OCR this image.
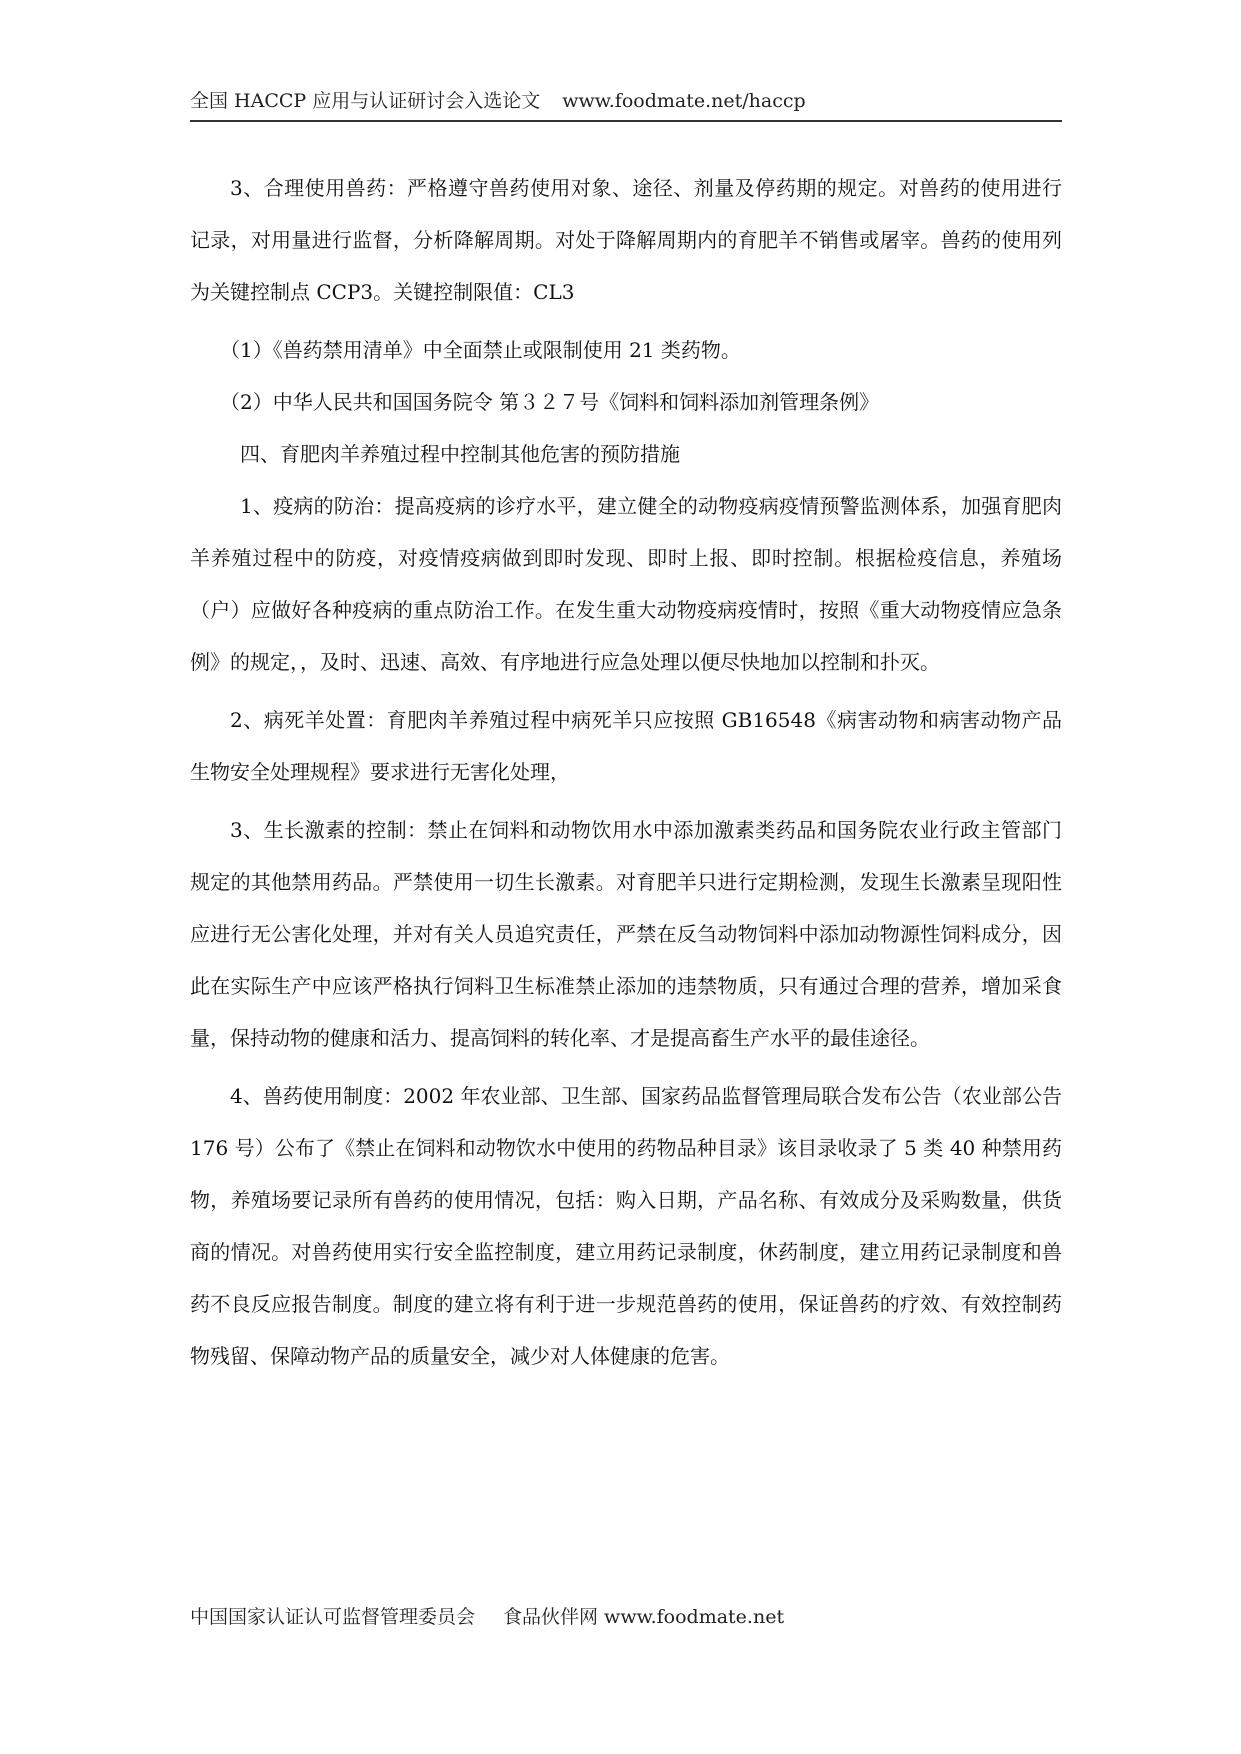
全国 HACCP 应用与认证研讨会入选论文 www.foodmate.net/haccp

3、合理使用兽药：严格遵守兽药使用对象、途径、剂量及停药期的规定。对兽药的使用进行记录，对用量进行监督，分析降解周期。对处于降解周期内的育肥羊不销售或屠宰。兽药的使用列为关键控制点 CCP3。关键控制限值：CL3

（1）《兽药禁用清单》中全面禁止或限制使用 21 类药物。

（2）中华人民共和国国务院令 第３２７号《饲料和饲料添加剂管理条例》

四、育肥肉羊养殖过程中控制其他危害的预防措施

1、疫病的防治：提高疫病的诊疗水平，建立健全的动物疫病疫情预警监测体系，加强育肥肉羊养殖过程中的防疫，对疫情疫病做到即时发现、即时上报、即时控制。根据检疫信息，养殖场（户）应做好各种疫病的重点防治工作。在发生重大动物疫病疫情时，按照《重大动物疫情应急条例》的规定，，及时、迅速、高效、有序地进行应急处理以便尽快地加以控制和扑灭。

2、病死羊处置：育肥肉羊养殖过程中病死羊只应按照 GB16548《病害动物和病害动物产品生物安全处理规程》要求进行无害化处理，

3、生长激素的控制：禁止在饲料和动物饮用水中添加激素类药品和国务院农业行政主管部门规定的其他禁用药品。严禁使用一切生长激素。对育肥羊只进行定期检测，发现生长激素呈现阳性应进行无公害化处理，并对有关人员追究责任，严禁在反刍动物饲料中添加动物源性饲料成分，因此在实际生产中应该严格执行饲料卫生标准禁止添加的违禁物质，只有通过合理的营养，增加采食量，保持动物的健康和活力、提高饲料的转化率、才是提高畜生产水平的最佳途径。

4、兽药使用制度：2002 年农业部、卫生部、国家药品监督管理局联合发布公告（农业部公告 176 号）公布了《禁止在饲料和动物饮水中使用的药物品种目录》该目录收录了 5 类 40 种禁用药物，养殖场要记录所有兽药的使用情况，包括：购入日期，产品名称、有效成分及采购数量，供货商的情况。对兽药使用实行安全监控制度，建立用药记录制度，休药制度，建立用药记录制度和兽药不良反应报告制度。制度的建立将有利于进一步规范兽药的使用，保证兽药的疗效、有效控制药物残留、保障动物产品的质量安全，减少对人体健康的危害。

中国国家认证认可监督管理委员会 食品伙伴网 www.foodmate.net
